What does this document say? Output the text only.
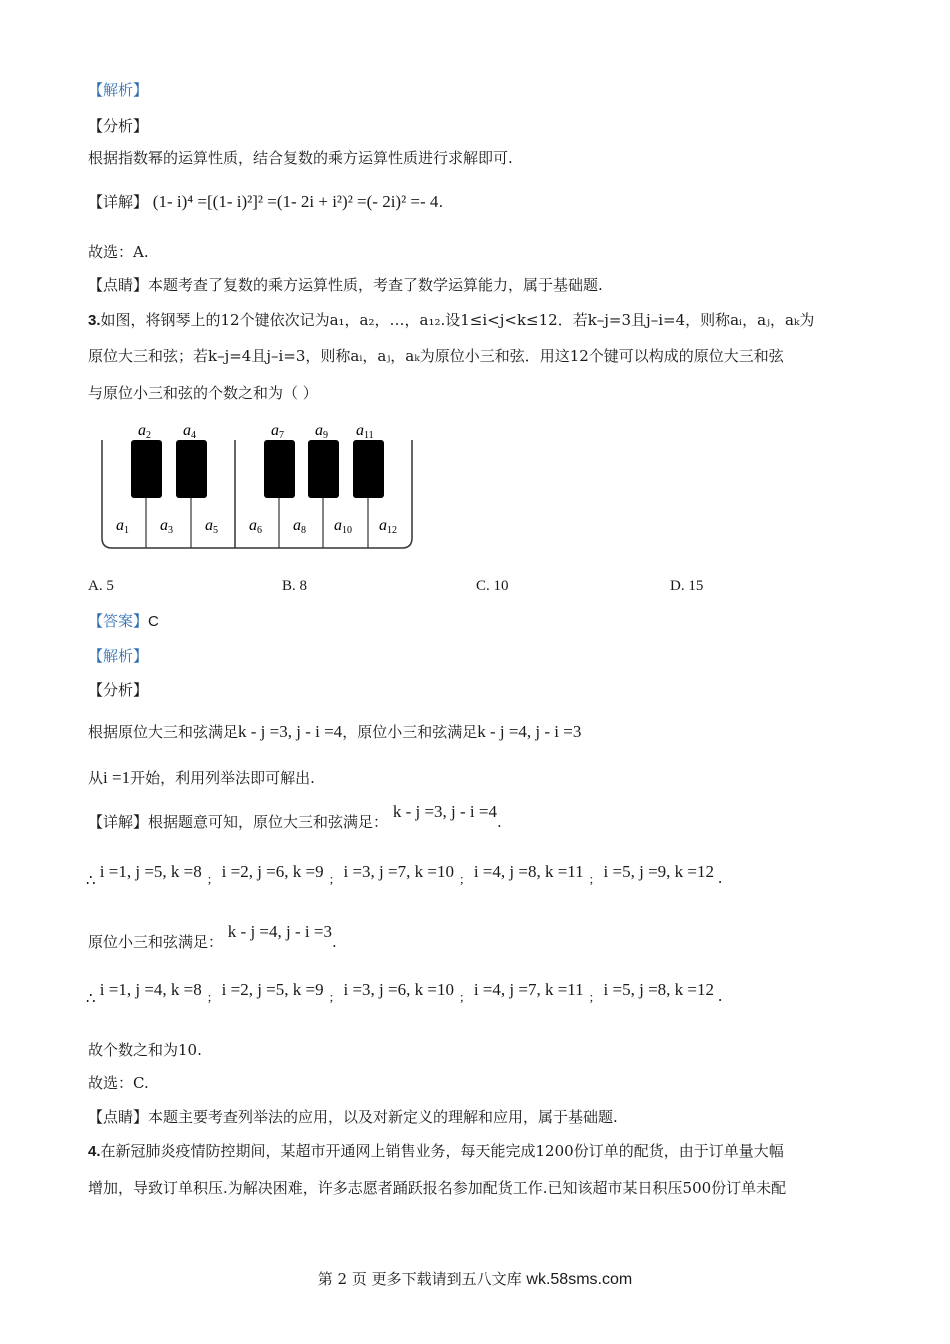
【解析】
【分析】
根据指数幂的运算性质，结合复数的乘方运算性质进行求解即可.
【详解】 (1- i)⁴ =[(1- i)²]² =(1- 2i + i²)² =(- 2i)² =- 4.
故选：A.
【点睛】本题考查了复数的乘方运算性质，考查了数学运算能力，属于基础题.
3.如图，将钢琴上的12个键依次记为a₁，a₂，…，a₁₂.设1≤i<j<k≤12．若k–j=3且j–i=4，则称aᵢ，aⱼ，aₖ为
原位大三和弦；若k–j=4且j–i=3，则称aᵢ，aⱼ，aₖ为原位小三和弦．用这12个键可以构成的原位大三和弦
与原位小三和弦的个数之和为（ ）
a2 a4	a7 a9 a11
a1 a3 a5 a6 a8 a10 a12
A. 5	B. 8	C. 10	D. 15
【答案】C
【解析】
【分析】
根据原位大三和弦满足k - j =3, j - i =4，原位小三和弦满足k - j =4, j - i =3
从i =1开始，利用列举法即可解出.
【详解】根据题意可知，原位大三和弦满足： k - j =3, j - i =4.
∴ i =1, j =5, k =8 ; i =2, j =6, k =9 ; i =3, j =7, k =10 ; i =4, j =8, k =11 ; i =5, j =9, k =12 .
原位小三和弦满足： k - j =4, j - i =3.
∴ i =1, j =4, k =8 ; i =2, j =5, k =9 ; i =3, j =6, k =10 ; i =4, j =7, k =11 ; i =5, j =8, k =12 .
故个数之和为10.
故选：C.
【点睛】本题主要考查列举法的应用，以及对新定义的理解和应用，属于基础题.
4.在新冠肺炎疫情防控期间，某超市开通网上销售业务，每天能完成1200份订单的配货，由于订单量大幅
增加，导致订单积压.为解决困难，许多志愿者踊跃报名参加配货工作.已知该超市某日积压500份订单未配
第 2 页 更多下载请到五八文库 wk.58sms.com
